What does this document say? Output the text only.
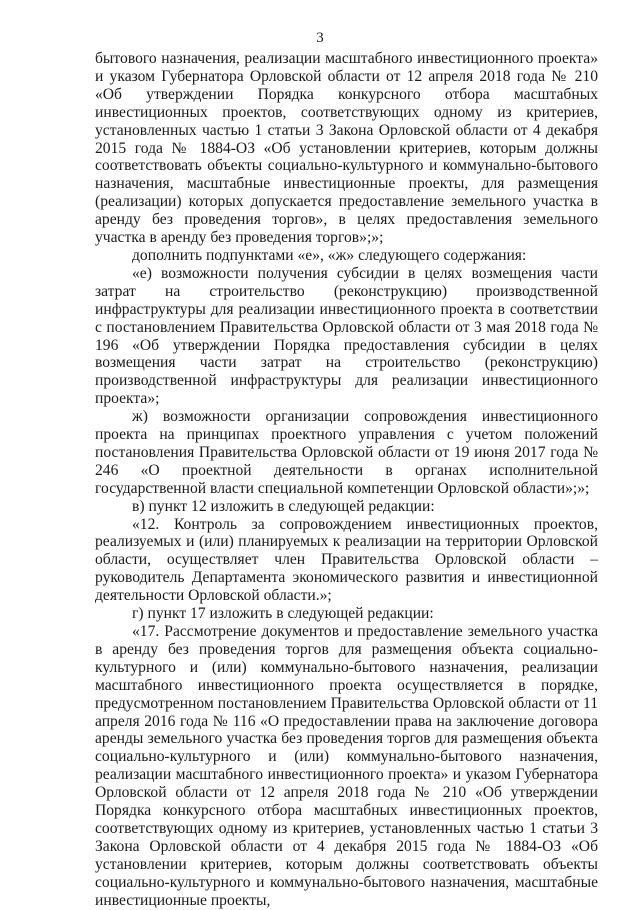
3

бытового назначения, реализации масштабного инвестиционного проекта» и указом Губернатора Орловской области от 12 апреля 2018 года № 210 «Об утверждении Порядка конкурсного отбора масштабных инвестиционных проектов, соответствующих одному из критериев, установленных частью 1 статьи 3 Закона Орловской области от 4 декабря 2015 года № 1884-ОЗ «Об установлении критериев, которым должны соответствовать объекты социально-культурного и коммунально-бытового назначения, масштабные инвестиционные проекты, для размещения (реализации) которых допускается предоставление земельного участка в аренду без проведения торгов», в целях предоставления земельного участка в аренду без проведения торгов»;»;

дополнить подпунктами «е», «ж» следующего содержания:

«е) возможности получения субсидии в целях возмещения части затрат на строительство (реконструкцию) производственной инфраструктуры для реализации инвестиционного проекта в соответствии с постановлением Правительства Орловской области от 3 мая 2018 года № 196 «Об утверждении Порядка предоставления субсидии в целях возмещения части затрат на строительство (реконструкцию) производственной инфраструктуры для реализации инвестиционного проекта»;

ж) возможности организации сопровождения инвестиционного проекта на принципах проектного управления с учетом положений постановления Правительства Орловской области от 19 июня 2017 года № 246 «О проектной деятельности в органах исполнительной государственной власти специальной компетенции Орловской области»;»;

в) пункт 12 изложить в следующей редакции:

«12. Контроль за сопровождением инвестиционных проектов, реализуемых и (или) планируемых к реализации на территории Орловской области, осуществляет член Правительства Орловской области – руководитель Департамента экономического развития и инвестиционной деятельности Орловской области.»;

г) пункт 17 изложить в следующей редакции:

«17. Рассмотрение документов и предоставление земельного участка в аренду без проведения торгов для размещения объекта социально-культурного и (или) коммунально-бытового назначения, реализации масштабного инвестиционного проекта осуществляется в порядке, предусмотренном постановлением Правительства Орловской области от 11 апреля 2016 года № 116 «О предоставлении права на заключение договора аренды земельного участка без проведения торгов для размещения объекта социально-культурного и (или) коммунально-бытового назначения, реализации масштабного инвестиционного проекта» и указом Губернатора Орловской области от 12 апреля 2018 года № 210 «Об утверждении Порядка конкурсного отбора масштабных инвестиционных проектов, соответствующих одному из критериев, установленных частью 1 статьи 3 Закона Орловской области от 4 декабря 2015 года № 1884-ОЗ «Об установлении критериев, которым должны соответствовать объекты социально-культурного и коммунально-бытового назначения, масштабные инвестиционные проекты,
